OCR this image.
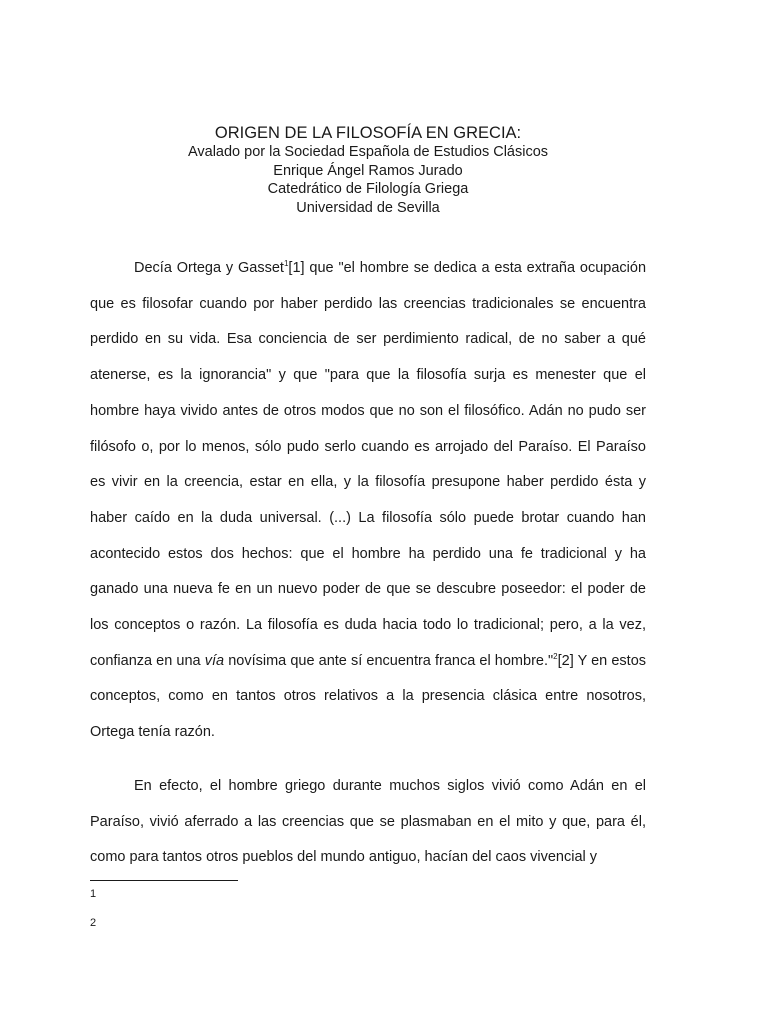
ORIGEN DE LA FILOSOFÍA EN GRECIA:

Avalado por la Sociedad Española de Estudios Clásicos

Enrique Ángel Ramos Jurado

Catedrático de Filología Griega

Universidad de Sevilla

Decía Ortega y Gasset$^1$[1] que "el hombre se dedica a esta extraña ocupación que es filosofar cuando por haber perdido las creencias tradicionales se encuentra perdido en su vida. Esa conciencia de ser perdimiento radical, de no saber a qué atenerse, es la ignorancia" y que "para que la filosofía surja es menester que el hombre haya vivido antes de otros modos que no son el filosófico. Adán no pudo ser filósofo o, por lo menos, sólo pudo serlo cuando es arrojado del Paraíso. El Paraíso es vivir en la creencia, estar en ella, y la filosofía presupone haber perdido ésta y haber caído en la duda universal. (...) La filosofía sólo puede brotar cuando han acontecido estos dos hechos: que el hombre ha perdido una fe tradicional y ha ganado una nueva fe en un nuevo poder de que se descubre poseedor: el poder de los conceptos o razón. La filosofía es duda hacia todo lo tradicional; pero, a la vez, confianza en una vía novísima que ante sí encuentra franca el hombre."$^2$[2] Y en estos conceptos, como en tantos otros relativos a la presencia clásica entre nosotros, Ortega tenía razón.

En efecto, el hombre griego durante muchos siglos vivió como Adán en el Paraíso, vivió aferrado a las creencias que se plasmaban en el mito y que, para él, como para tantos otros pueblos del mundo antiguo, hacían del caos vivencial y

1
2
